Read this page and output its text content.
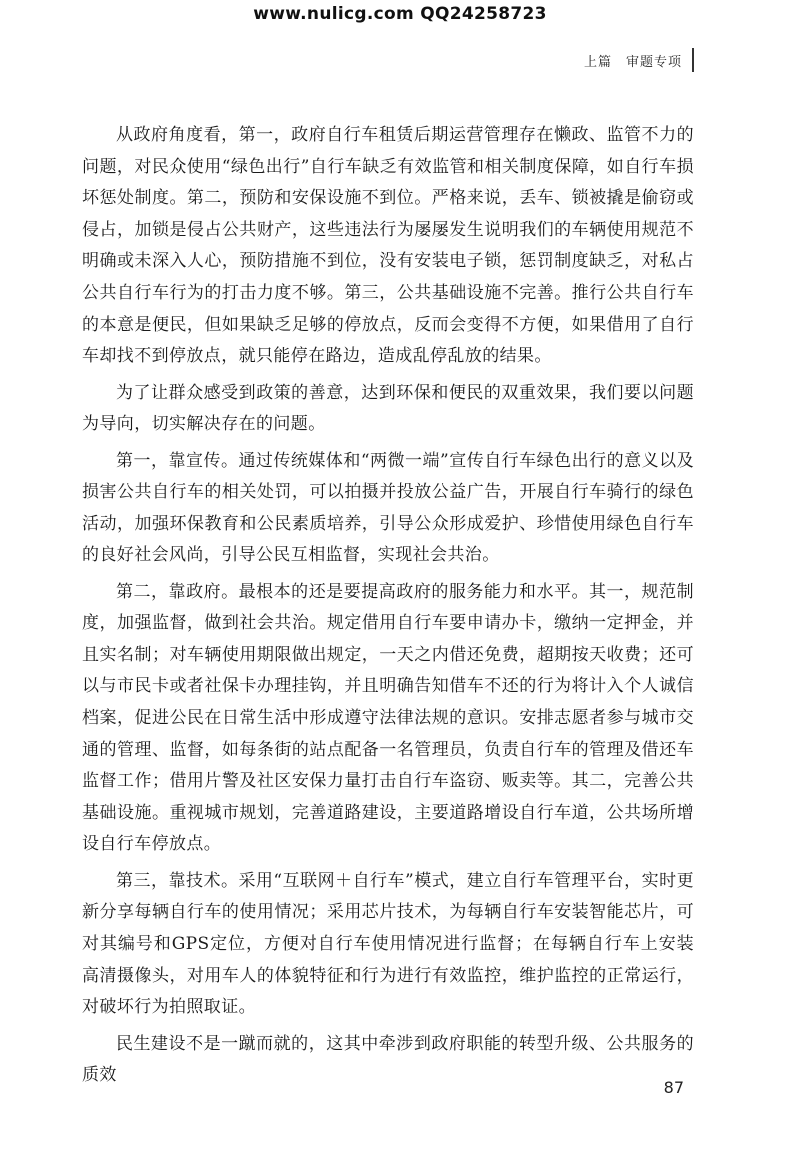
www.nulicg.com QQ24258723
上篇　审题专项

从政府角度看，第一，政府自行车租赁后期运营管理存在懒政、监管不力的问题，对民众使用“绿色出行”自行车缺乏有效监管和相关制度保障，如自行车损坏惩处制度。第二，预防和安保设施不到位。严格来说，丢车、锁被撬是偷窃或侵占，加锁是侵占公共财产，这些违法行为屡屡发生说明我们的车辆使用规范不明确或未深入人心，预防措施不到位，没有安装电子锁，惩罚制度缺乏，对私占公共自行车行为的打击力度不够。第三，公共基础设施不完善。推行公共自行车的本意是便民，但如果缺乏足够的停放点，反而会变得不方便，如果借用了自行车却找不到停放点，就只能停在路边，造成乱停乱放的结果。

为了让群众感受到政策的善意，达到环保和便民的双重效果，我们要以问题为导向，切实解决存在的问题。

第一，靠宣传。通过传统媒体和“两微一端”宣传自行车绿色出行的意义以及损害公共自行车的相关处罚，可以拍摄并投放公益广告，开展自行车骑行的绿色活动，加强环保教育和公民素质培养，引导公众形成爱护、珍惜使用绿色自行车的良好社会风尚，引导公民互相监督，实现社会共治。

第二，靠政府。最根本的还是要提高政府的服务能力和水平。其一，规范制度，加强监督，做到社会共治。规定借用自行车要申请办卡，缴纳一定押金，并且实名制；对车辆使用期限做出规定，一天之内借还免费，超期按天收费；还可以与市民卡或者社保卡办理挂钩，并且明确告知借车不还的行为将计入个人诚信档案，促进公民在日常生活中形成遵守法律法规的意识。安排志愿者参与城市交通的管理、监督，如每条街的站点配备一名管理员，负责自行车的管理及借还车监督工作；借用片警及社区安保力量打击自行车盗窃、贩卖等。其二，完善公共基础设施。重视城市规划，完善道路建设，主要道路增设自行车道，公共场所增设自行车停放点。

第三，靠技术。采用“互联网＋自行车”模式，建立自行车管理平台，实时更新分享每辆自行车的使用情况；采用芯片技术，为每辆自行车安装智能芯片，可对其编号和GPS定位，方便对自行车使用情况进行监督；在每辆自行车上安装高清摄像头，对用车人的体貌特征和行为进行有效监控，维护监控的正常运行，对破坏行为拍照取证。

民生建设不是一蹴而就的，这其中牵涉到政府职能的转型升级、公共服务的质效

87
